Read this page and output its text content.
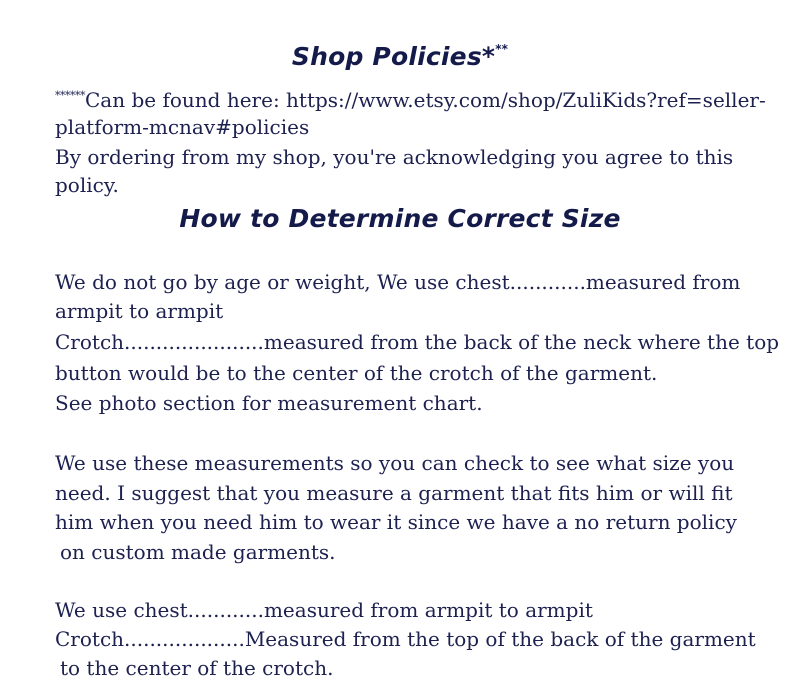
Shop Policies***
******Can be found here: https://www.etsy.com/shop/ZuliKids?ref=seller-
platform-mcnav#policies
By ordering from my shop, you're acknowledging you agree to this
policy.
How to Determine Correct Size
We do not go by age or weight, We use chest............measured from
armpit to armpit
Crotch......................measured from the back of the neck where the top
button would be to the center of the crotch of the garment.
See photo section for measurement chart.
We use these measurements so you can check to see what size you
need. I suggest that you measure a garment that fits him or will fit
him when you need him to wear it since we have a no return policy
on custom made garments.
We use chest............measured from armpit to armpit
Crotch...................Measured from the top of the back of the garment
to the center of the crotch.
